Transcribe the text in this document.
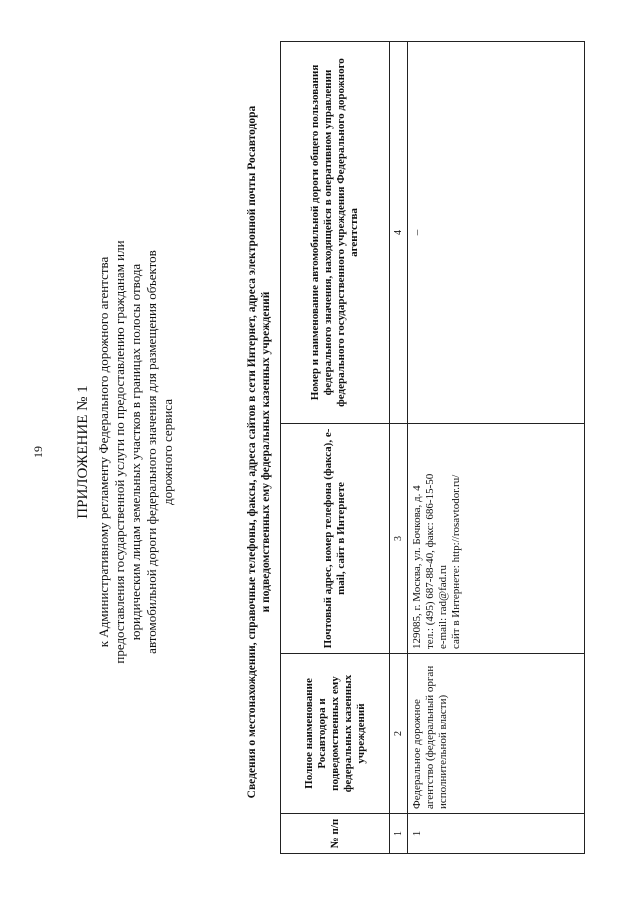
19 ПРИЛОЖЕНИЕ № 1 к Административному регламенту Федерального дорожного агентства предоставления государственной услуги по предоставлению гражданам или юридическим лицам земельных участков в границах полосы отвода автомобильной дороги федерального значения для размещения объектов дорожного сервиса	Сведения о местонахождении, справочные телефоны, факсы, адреса сайтов в сети Интернет, адреса электронной почты Росавтодора и подведомственных ему федеральных казенных учреждений
№ п/п	Полное наименование Росавтодора и подведомственных ему федеральных казенных учреждений	Почтовый адрес, номер телефона (факса), e-mail, сайт в Интернете	Номер и наименование автомобильной дороги общего пользования федерального значения, находящейся в оперативном управлении федерального государственного учреждения Федерального дорожного агентства
1	2	3	4
1	Федеральное дорожное агентство (федеральный орган исполнительной власти)	129085, г. Москва, ул. Бочкова, д. 4 тел.: (495) 687-88-40, факс: 686-15-50 e-mail: rad@fad.ru сайт в Интернете: http://rosavtodor.ru/	–
